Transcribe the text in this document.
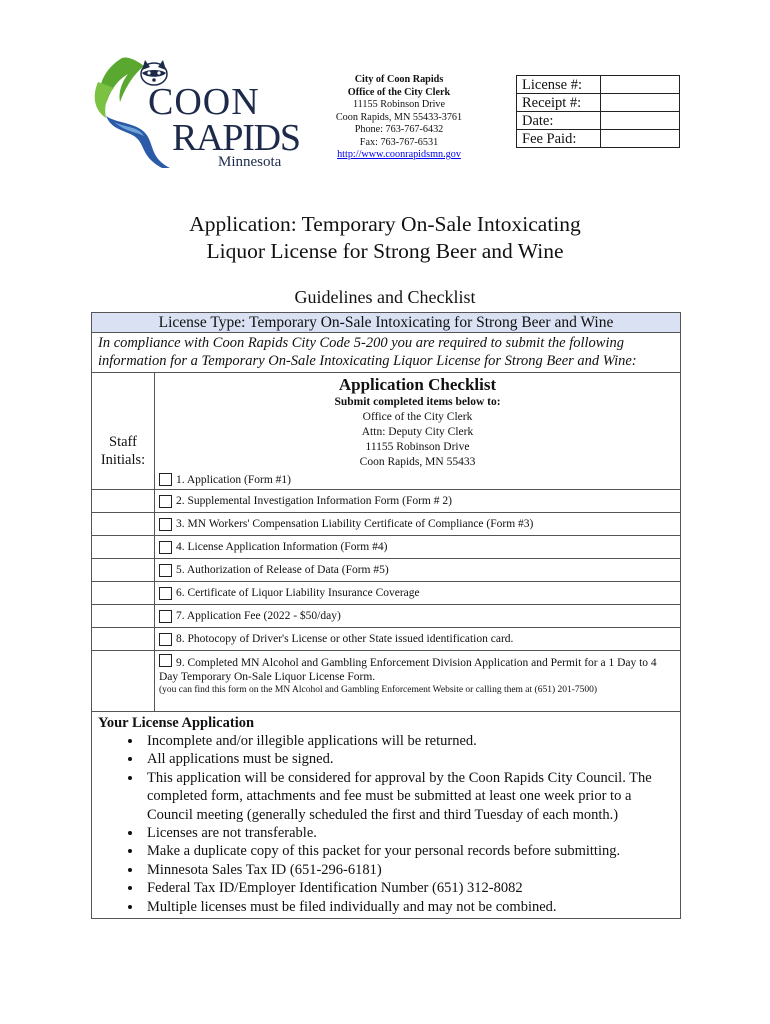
COON
RAPIDS
Minnesota
City of Coon Rapids
Office of the City Clerk
11155 Robinson Drive
Coon Rapids, MN 55433-3761
Phone: 763-767-6432
Fax: 763-767-6531
http://www.coonrapidsmn.gov
License #:	
Receipt #:	
Date:	
Fee Paid:	
Application: Temporary On-Sale Intoxicating
Liquor License for Strong Beer and Wine
Guidelines and Checklist
License Type: Temporary On-Sale Intoxicating for Strong Beer and Wine
In compliance with Coon Rapids City Code 5-200 you are required to submit the following information for a Temporary On-Sale Intoxicating Liquor License for Strong Beer and Wine:
Staff
Initials:
Application Checklist
Submit completed items below to:
Office of the City Clerk
Attn: Deputy City Clerk
11155 Robinson Drive
Coon Rapids, MN 55433
1. Application (Form #1)
2. Supplemental Investigation Information Form (Form # 2)
3. MN Workers' Compensation Liability Certificate of Compliance (Form #3)
4. License Application Information (Form #4)
5. Authorization of Release of Data (Form #5)
6. Certificate of Liquor Liability Insurance Coverage
7. Application Fee (2022 - $50/day)
8. Photocopy of Driver's License or other State issued identification card.
9. Completed MN Alcohol and Gambling Enforcement Division Application and Permit for a 1 Day to 4 Day Temporary On-Sale Liquor License Form.
(you can find this form on the MN Alcohol and Gambling Enforcement Website or calling them at (651) 201-7500)
Your License Application
• Incomplete and/or illegible applications will be returned.
• All applications must be signed.
• This application will be considered for approval by the Coon Rapids City Council. The completed form, attachments and fee must be submitted at least one week prior to a Council meeting (generally scheduled the first and third Tuesday of each month.)
• Licenses are not transferable.
• Make a duplicate copy of this packet for your personal records before submitting.
• Minnesota Sales Tax ID (651-296-6181)
• Federal Tax ID/Employer Identification Number (651) 312-8082
• Multiple licenses must be filed individually and may not be combined.
